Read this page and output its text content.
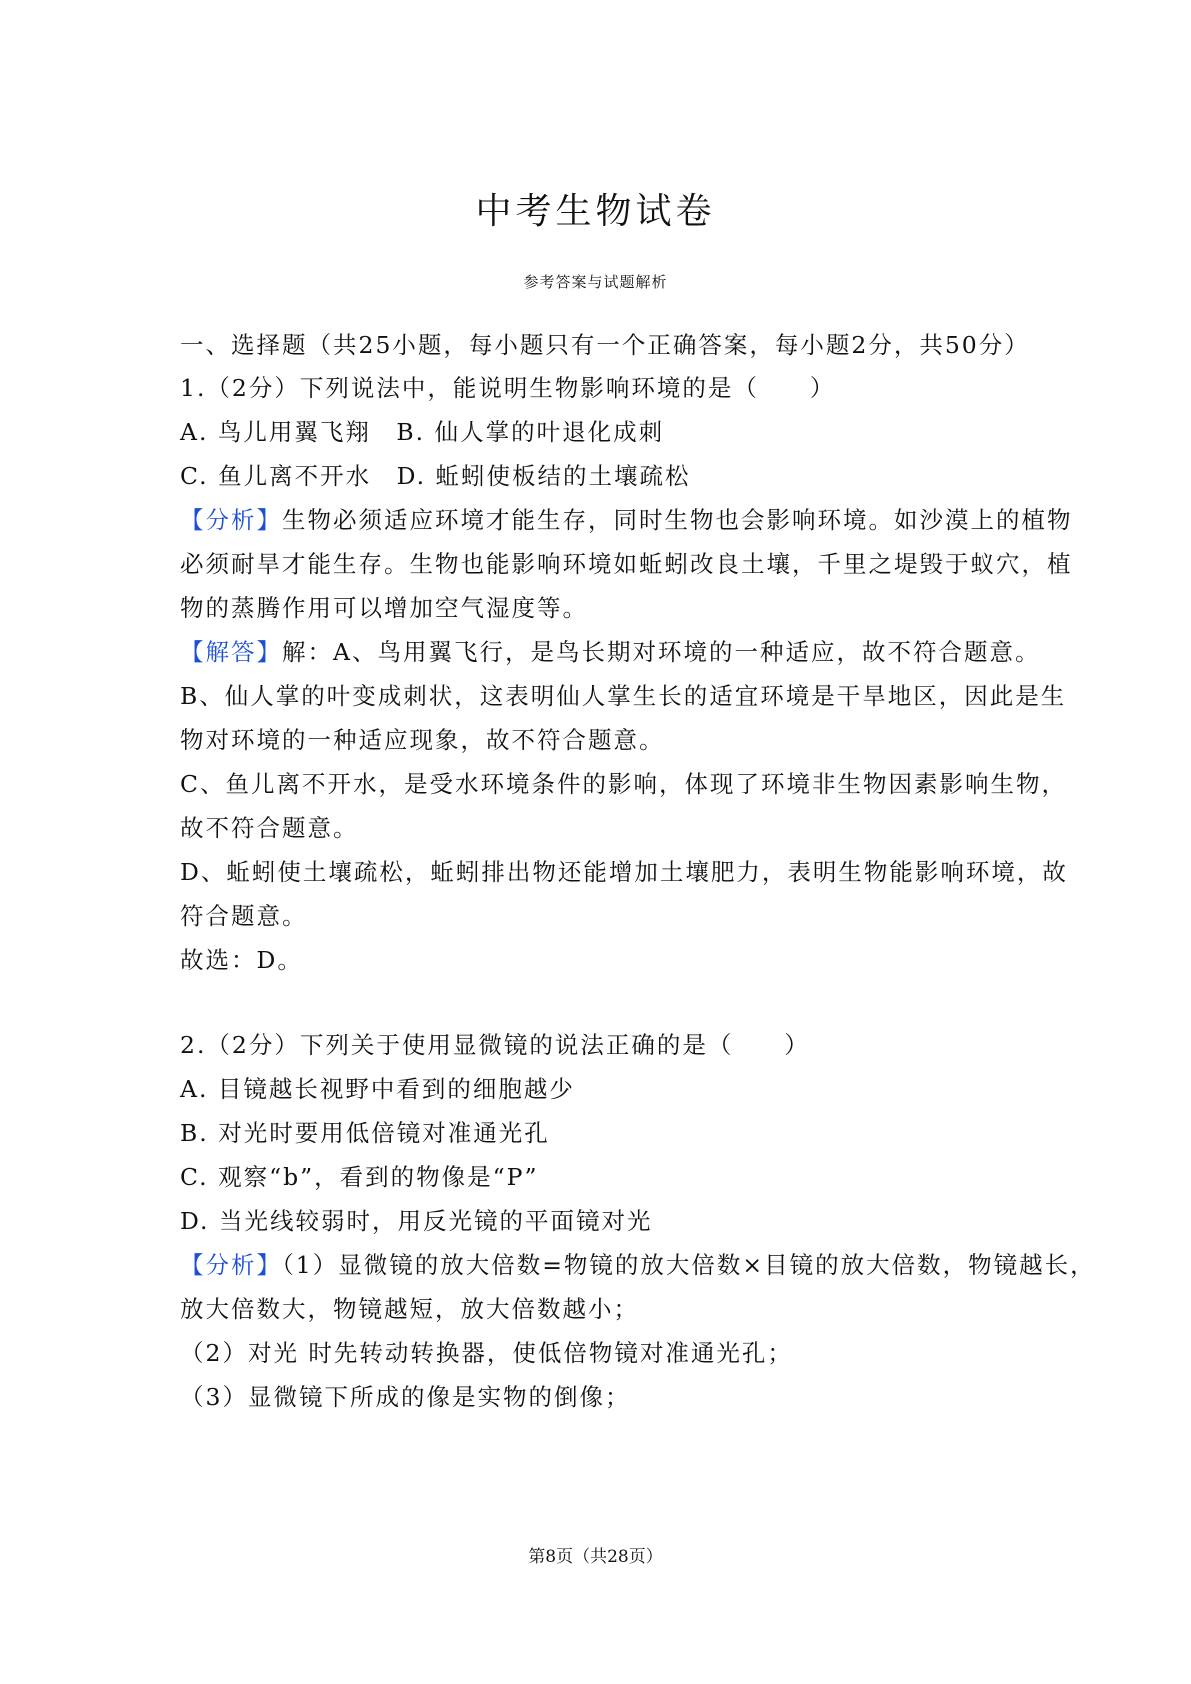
中考生物试卷
参考答案与试题解析
一、选择题（共25小题，每小题只有一个正确答案，每小题2分，共50分）
1.（2分）下列说法中，能说明生物影响环境的是（　　）
A. 鸟儿用翼飞翔　B. 仙人掌的叶退化成刺
C. 鱼儿离不开水　D. 蚯蚓使板结的土壤疏松
【分析】生物必须适应环境才能生存，同时生物也会影响环境。如沙漠上的植物
必须耐旱才能生存。生物也能影响环境如蚯蚓改良土壤，千里之堤毁于蚁穴，植
物的蒸腾作用可以增加空气湿度等。
【解答】解：A、鸟用翼飞行，是鸟长期对环境的一种适应，故不符合题意。
B、仙人掌的叶变成刺状，这表明仙人掌生长的适宜环境是干旱地区，因此是生
物对环境的一种适应现象，故不符合题意。
C、鱼儿离不开水，是受水环境条件的影响，体现了环境非生物因素影响生物，
故不符合题意。
D、蚯蚓使土壤疏松，蚯蚓排出物还能增加土壤肥力，表明生物能影响环境，故
符合题意。
故选：D。
2.（2分）下列关于使用显微镜的说法正确的是（　　）
A. 目镜越长视野中看到的细胞越少
B. 对光时要用低倍镜对准通光孔
C. 观察“b”，看到的物像是“P”
D. 当光线较弱时，用反光镜的平面镜对光
【分析】（1）显微镜的放大倍数=物镜的放大倍数×目镜的放大倍数，物镜越长，
放大倍数大，物镜越短，放大倍数越小；
（2）对光 时先转动转换器，使低倍物镜对准通光孔；
（3）显微镜下所成的像是实物的倒像；
第8页（共28页）
